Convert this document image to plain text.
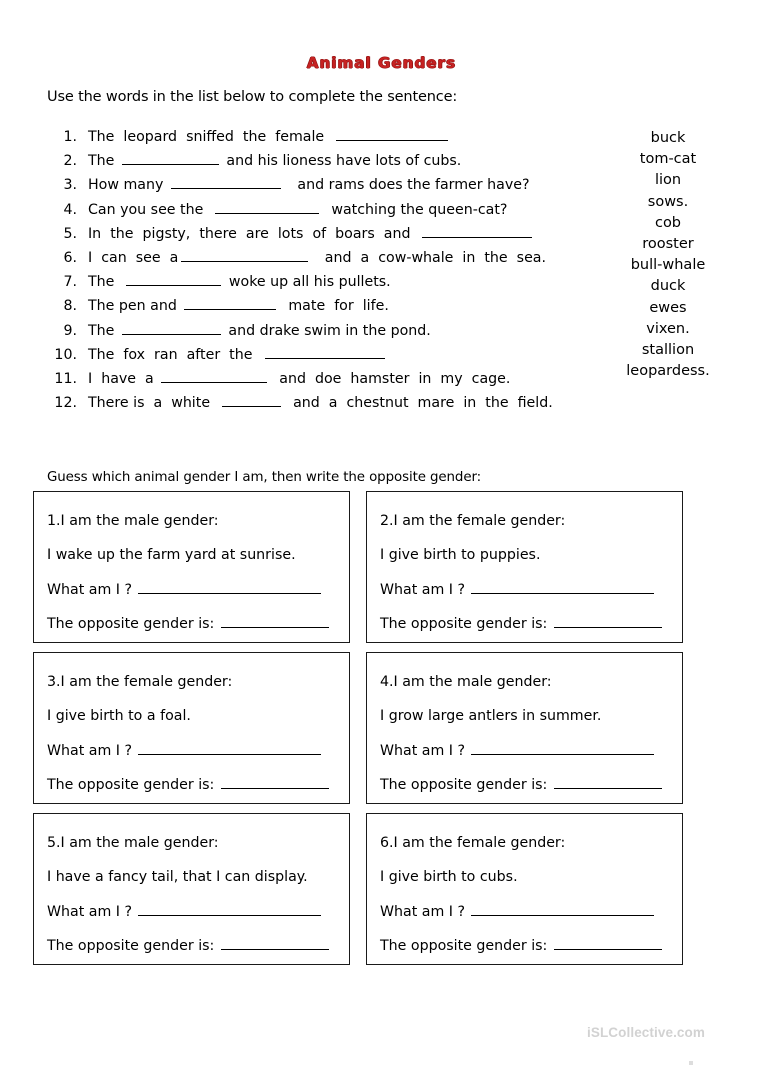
Animal Genders
Use the words in the list below to complete the sentence:
1. The  leopard  sniffed  the  female
2. The	and his lioness have lots of cubs.
3. How many	and rams does the farmer have?
4. Can you see the	watching the queen-cat?
5. In  the  pigsty,  there  are  lots  of  boars  and
6. I  can  see  a	and  a  cow-whale  in  the  sea.
7. The	woke up all his pullets.
8. The pen and	mate  for  life.
9. The	and drake swim in the pond.
10. The  fox  ran  after  the
11. I  have  a	and  doe  hamster  in  my  cage.
12. There is  a  white	and  a  chestnut  mare  in  the  field.
buck
tom-cat
lion
sows.
cob
rooster
bull-whale
duck
ewes
vixen.
stallion
leopardess.
Guess which animal gender I am, then write the opposite gender:
1.I am the male gender:
I wake up the farm yard at sunrise.
What am I ?
The opposite gender is:
2.I am the female gender:
I give birth to puppies.
What am I ?
The opposite gender is:
3.I am the female gender:
I give birth to a foal.
What am I ?
The opposite gender is:
4.I am the male gender:
I grow large antlers in summer.
What am I ?
The opposite gender is:
5.I am the male gender:
I have a fancy tail, that I can display.
What am I ?
The opposite gender is:
6.I am the female gender:
I give birth to cubs.
What am I ?
The opposite gender is:
iSLCollective.com
